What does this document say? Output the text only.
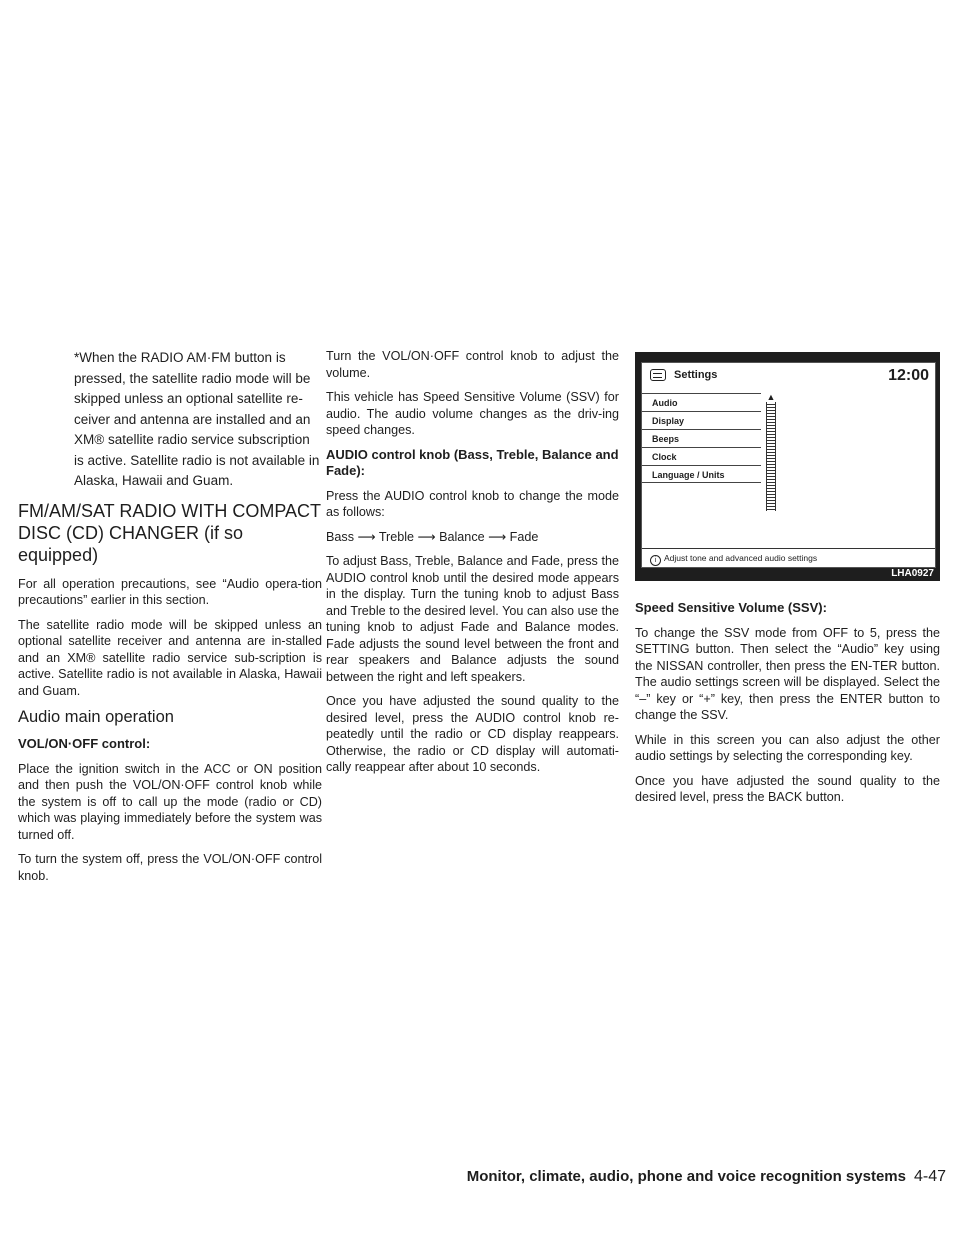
*When the RADIO AM·FM button is pressed, the satellite radio mode will be skipped unless an optional satellite re-ceiver and antenna are installed and an XM® satellite radio service subscription is active. Satellite radio is not available in Alaska, Hawaii and Guam.
FM/AM/SAT RADIO WITH COMPACT DISC (CD) CHANGER (if so equipped)

For all operation precautions, see “Audio opera-tion precautions” earlier in this section.

The satellite radio mode will be skipped unless an optional satellite receiver and antenna are in-stalled and an XM® satellite radio service sub-scription is active. Satellite radio is not available in Alaska, Hawaii and Guam.

Audio main operation
VOL/ON·OFF control:

Place the ignition switch in the ACC or ON position and then push the VOL/ON·OFF control knob while the system is off to call up the mode (radio or CD) which was playing immediately before the system was turned off.

To turn the system off, press the VOL/ON·OFF control knob.

Turn the VOL/ON·OFF control knob to adjust the volume.

This vehicle has Speed Sensitive Volume (SSV) for audio. The audio volume changes as the driv-ing speed changes.

AUDIO control knob (Bass, Treble, Balance and Fade):

Press the AUDIO control knob to change the mode as follows:

Bass ⟶ Treble ⟶ Balance ⟶ Fade

To adjust Bass, Treble, Balance and Fade, press the AUDIO control knob until the desired mode appears in the display. Turn the tuning knob to adjust Bass and Treble to the desired level. You can also use the tuning knob to adjust Fade and Balance modes. Fade adjusts the sound level between the front and rear speakers and Balance adjusts the sound between the right and left speakers.

Once you have adjusted the sound quality to the desired level, press the AUDIO control knob re-peatedly until the radio or CD display reappears. Otherwise, the radio or CD display will automati-cally reappear after about 10 seconds.

Settings	12:00
Audio
Display
Beeps
Clock
Language / Units
▲
i Adjust tone and advanced audio settings
LHA0927
Speed Sensitive Volume (SSV):

To change the SSV mode from OFF to 5, press the SETTING button. Then select the “Audio” key using the NISSAN controller, then press the EN-TER button. The audio settings screen will be displayed. Select the “–” key or “+” key, then press the ENTER button to change the SSV.

While in this screen you can also adjust the other audio settings by selecting the corresponding key.

Once you have adjusted the sound quality to the desired level, press the BACK button.

Monitor, climate, audio, phone and voice recognition systems 4-47
